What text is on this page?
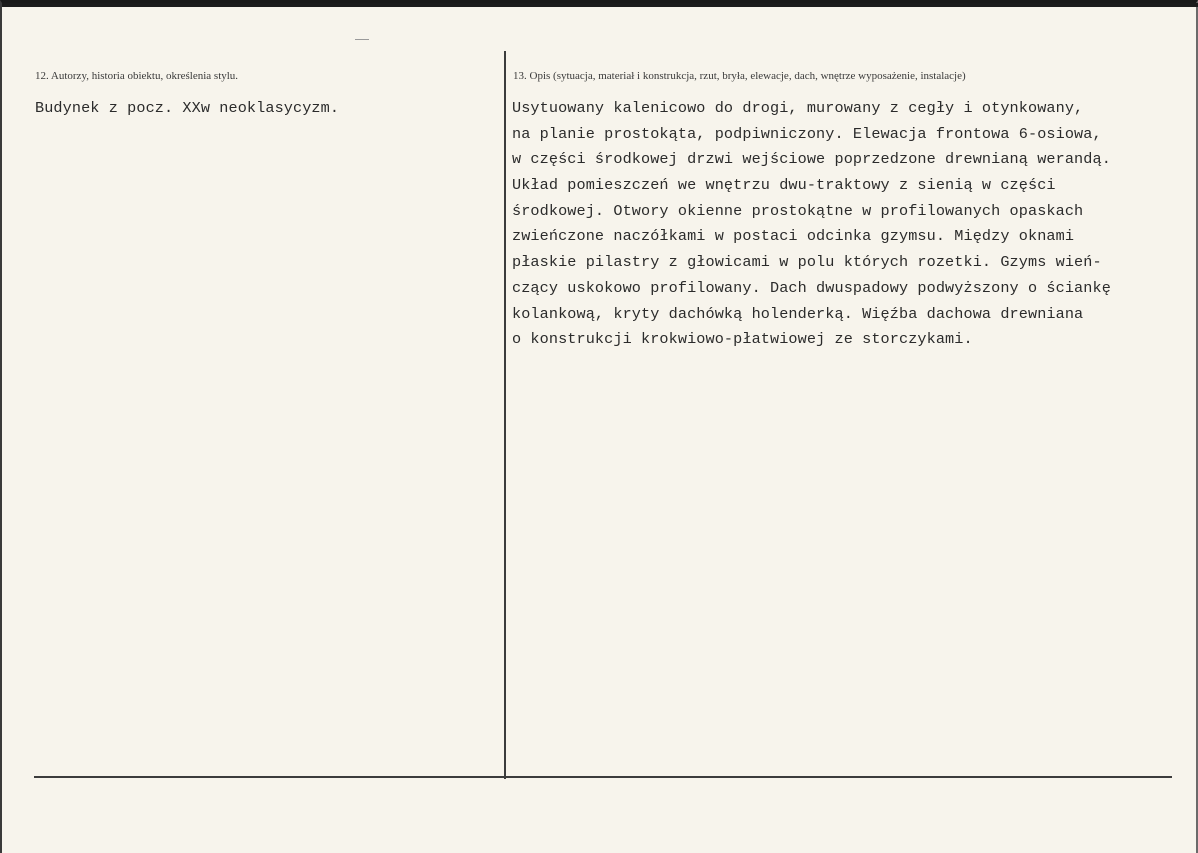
12. Autorzy, historia obiektu, określenia stylu.
Budynek z pocz. XXw neoklasycyzm.
13. Opis (sytuacja, materiał i konstrukcja, rzut, bryła, elewacje, dach, wnętrze wyposażenie, instalacje)
Usytuowany kalenicowo do drogi, murowany z cegły i otynkowany,
na planie prostokąta, podpiwniczony. Elewacja frontowa 6-osiowa,
w części środkowej drzwi wejściowe poprzedzone drewnianą werandą.
Układ pomieszczeń we wnętrzu dwu-traktowy z sienią w części
środkowej. Otwory okienne prostokątne w profilowanych opaskach
zwieńczone naczółkami w postaci odcinka gzymsu. Między oknami
płaskie pilastry z głowicami w polu których rozetki. Gzyms wień-
czący uskokowo profilowany. Dach dwuspadowy podwyższony o ściankę
kolankową, kryty dachówką holenderką. Więźba dachowa drewniana
o konstrukcji krokwiowo-płatwiowej ze storczykami.
